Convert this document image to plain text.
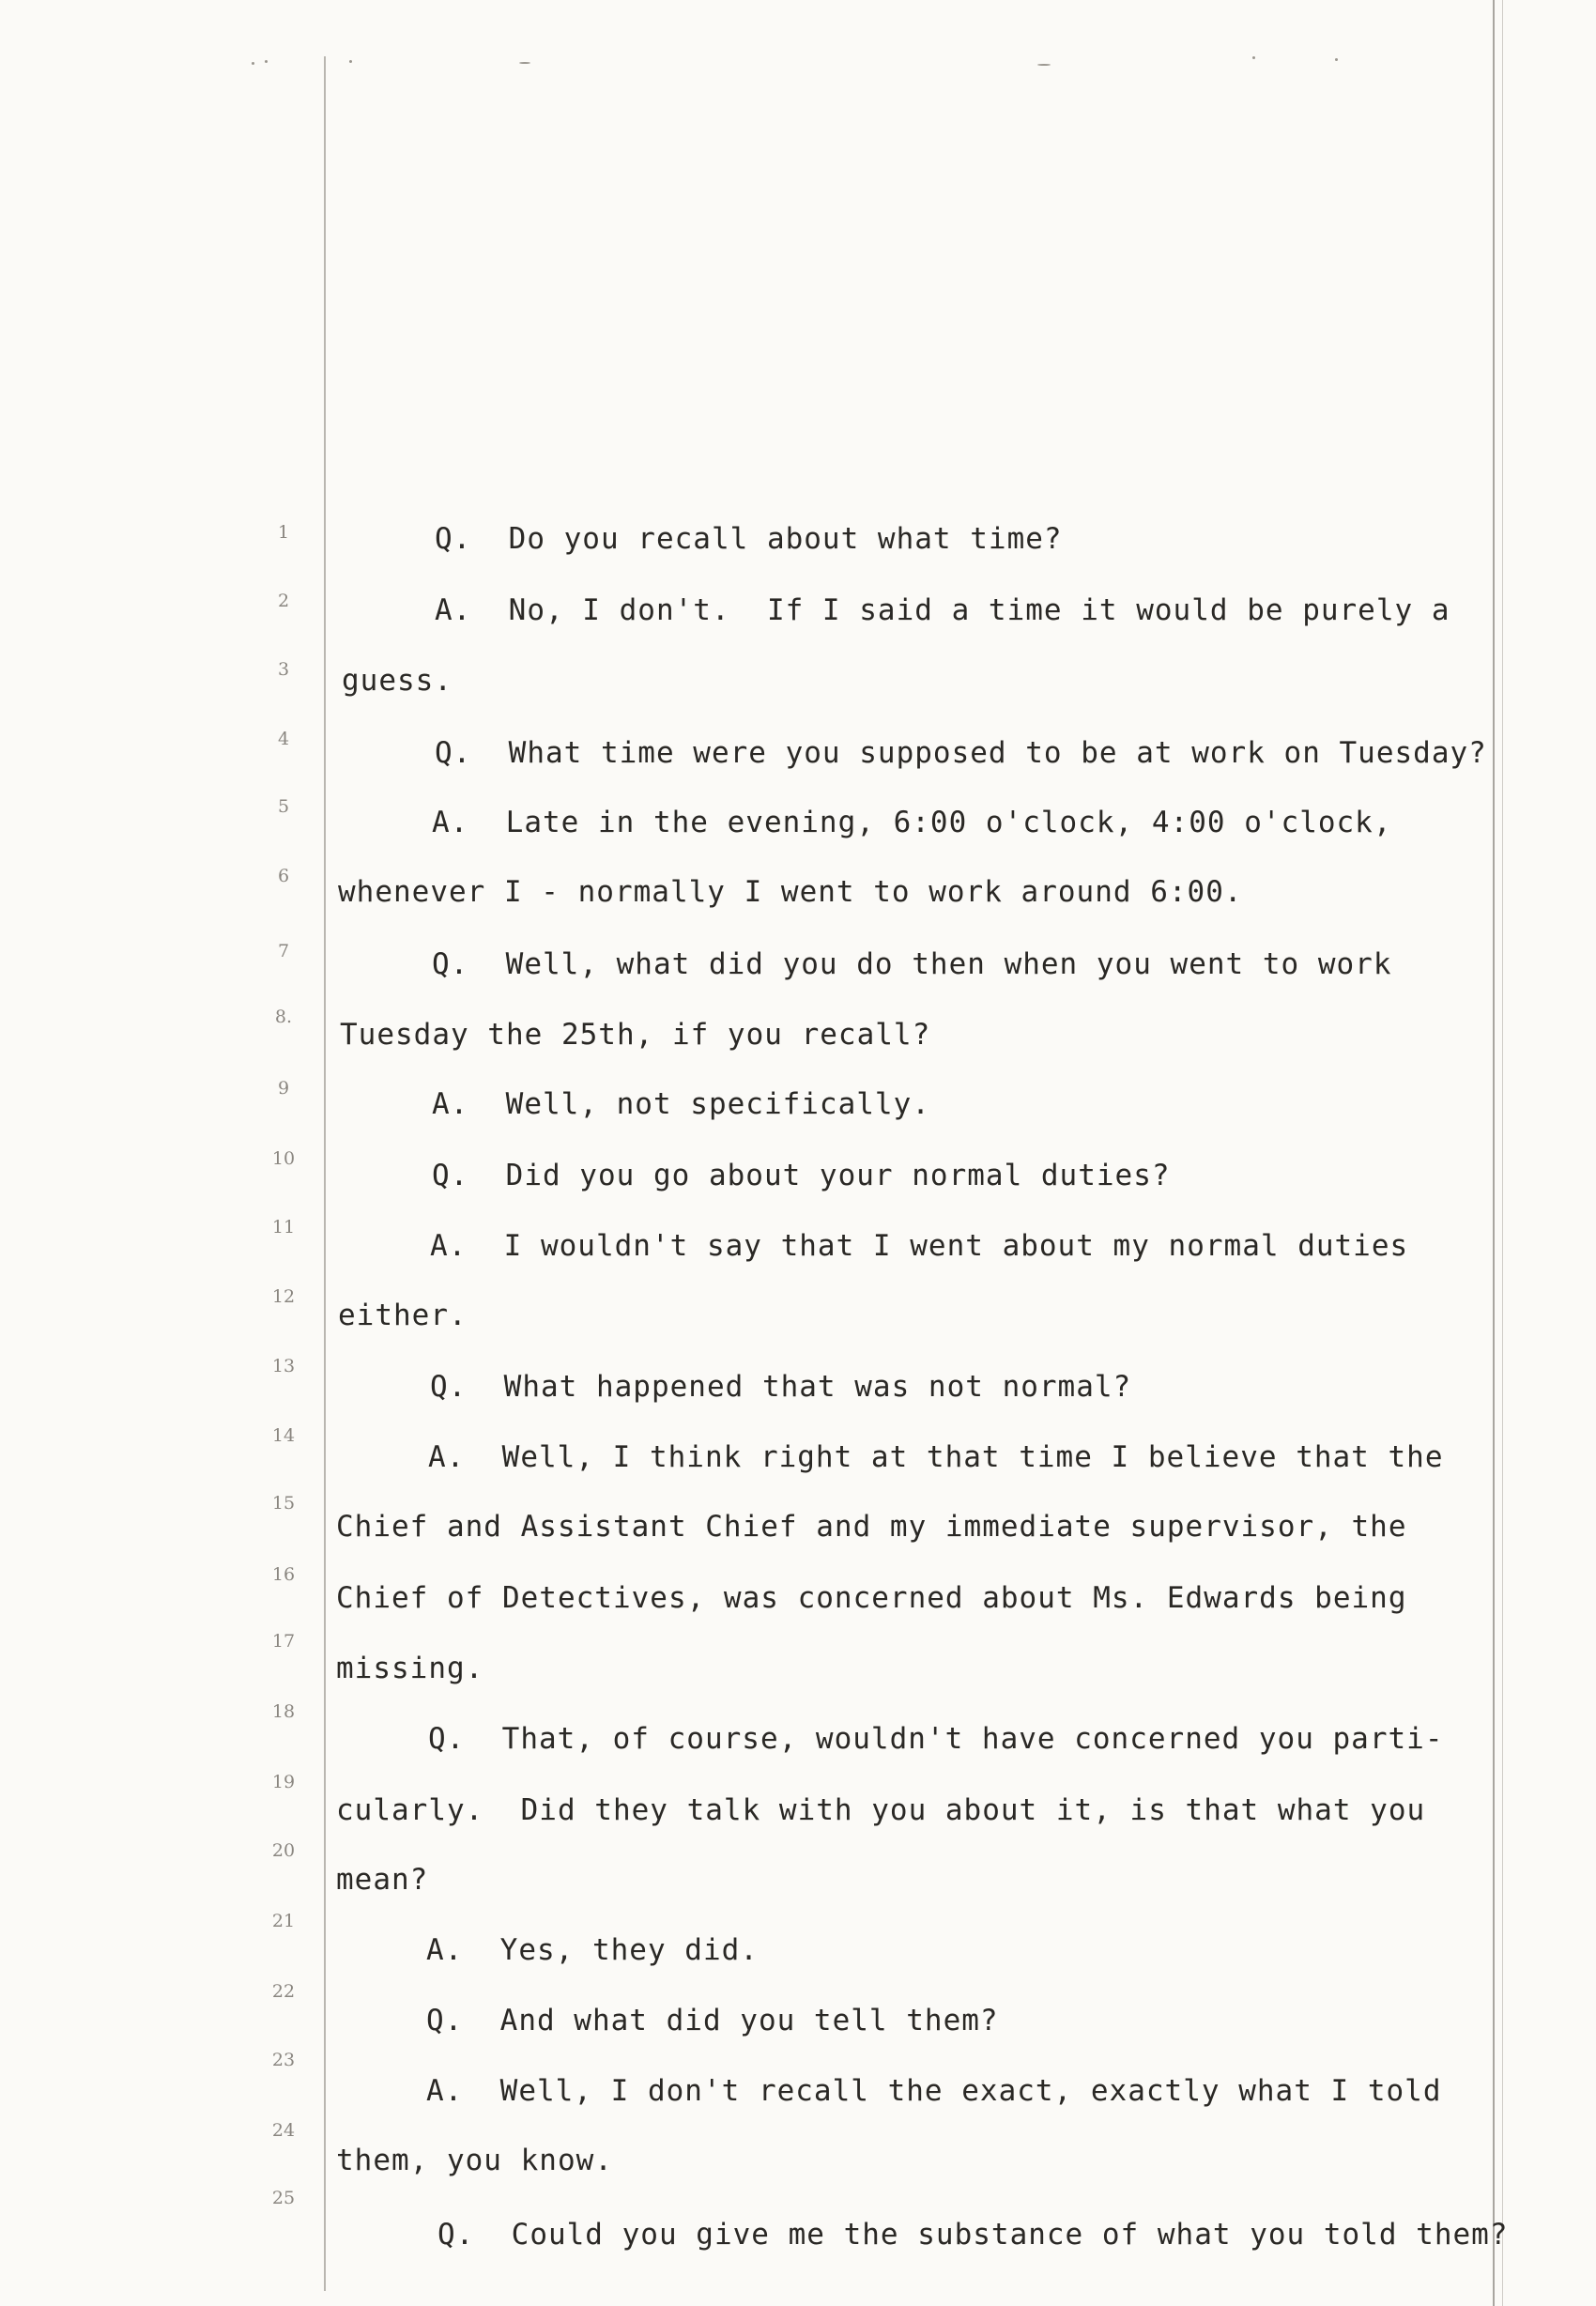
1
2
3
4
5
6
7
8.
9
10
11
12
13
14
15
16
17
18
19
20
21
22
23
24
25
Q.  Do you recall about what time?
A.  No, I don't.  If I said a time it would be purely a
guess.
Q.  What time were you supposed to be at work on Tuesday?
A.  Late in the evening, 6:00 o'clock, 4:00 o'clock,
whenever I - normally I went to work around 6:00.
Q.  Well, what did you do then when you went to work
Tuesday the 25th, if you recall?
A.  Well, not specifically.
Q.  Did you go about your normal duties?
A.  I wouldn't say that I went about my normal duties
either.
Q.  What happened that was not normal?
A.  Well, I think right at that time I believe that the
Chief and Assistant Chief and my immediate supervisor, the
Chief of Detectives, was concerned about Ms. Edwards being
missing.
Q.  That, of course, wouldn't have concerned you parti-
cularly.  Did they talk with you about it, is that what you
mean?
A.  Yes, they did.
Q.  And what did you tell them?
A.  Well, I don't recall the exact, exactly what I told
them, you know.
Q.  Could you give me the substance of what you told them?
